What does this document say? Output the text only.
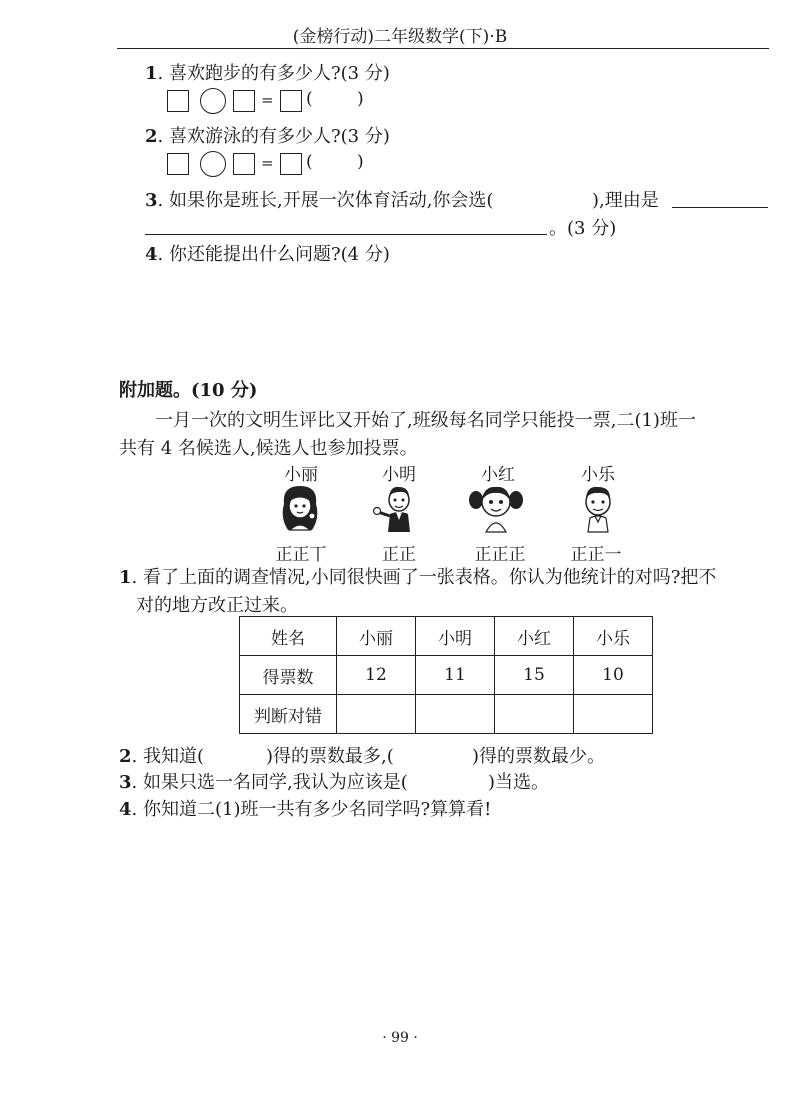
(金榜行动)二年级数学(下)·B
1. 喜欢跑步的有多少人?(3 分)
= (	)
2. 喜欢游泳的有多少人?(3 分)
= (	)
3. 如果你是班长,开展一次体育活动,你会选(	),理由是
。(3 分)
4. 你还能提出什么问题?(4 分)
附加题。(10 分)
一月一次的文明生评比又开始了,班级每名同学只能投一票,二(1)班一
共有 4 名候选人,候选人也参加投票。
小丽
正正丅
小明
正正
小红
正正正
小乐
正正一
1. 看了上面的调查情况,小同很快画了一张表格。你认为他统计的对吗?把不
对的地方改正过来。
姓名	小丽	小明	小红	小乐
得票数	12	11	15	10
判断对错				
2. 我知道(	)得的票数最多,(	)得的票数最少。
3. 如果只选一名同学,我认为应该是(	)当选。
4. 你知道二(1)班一共有多少名同学吗?算算看!
· 99 ·
